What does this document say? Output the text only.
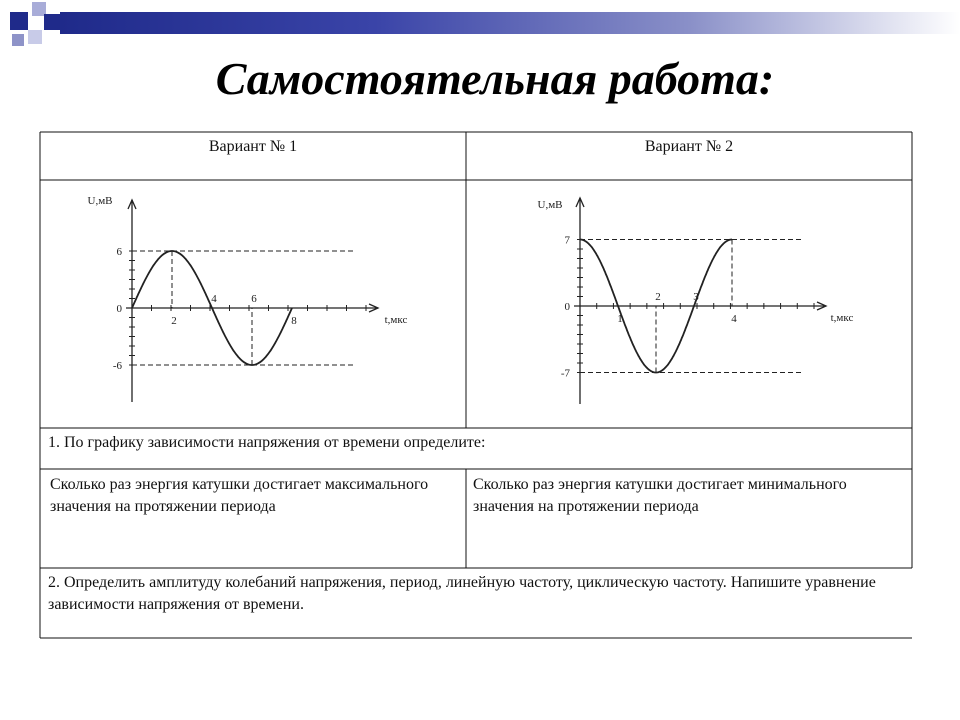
Самостоятельная работа:
Вариант № 1	Вариант № 2
U,мВ
t,мкс
6
0
-6
2
4	6
8
U,мВ
t,мкс
7
0
-7
1
2	3
4
1. По графику зависимости напряжения от времени определите:
Сколько раз энергия катушки достигает максимального значения на протяжении периода
Сколько раз энергия катушки достигает минимального значения на протяжении периода
2. Определить амплитуду колебаний напряжения, период, линейную частоту, циклическую частоту. Напишите уравнение зависимости напряжения от времени.
